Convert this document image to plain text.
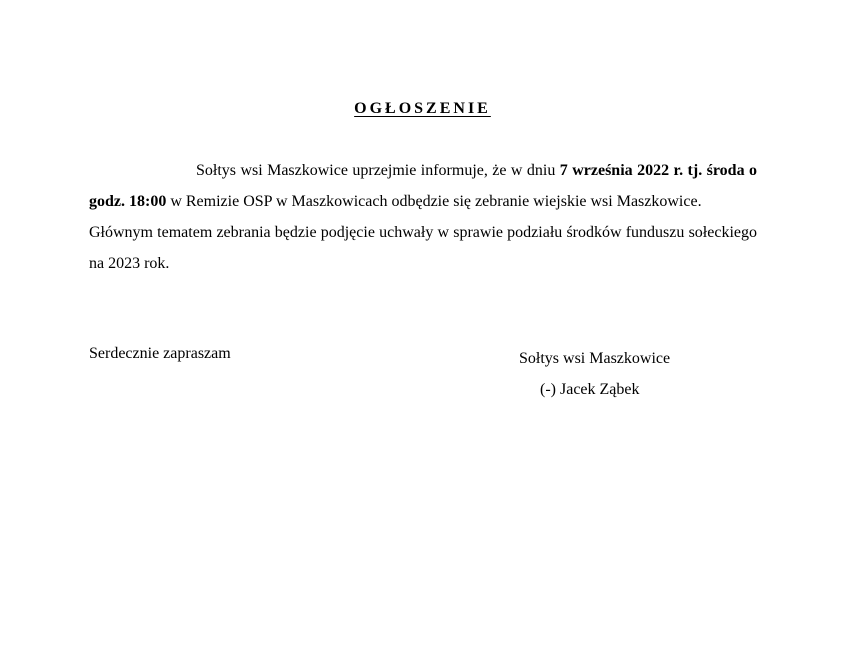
OGŁOSZENIE

Sołtys wsi Maszkowice uprzejmie informuje, że w dniu 7 września 2022 r. tj. środa o godz. 18:00 w Remizie OSP w Maszkowicach odbędzie się zebranie wiejskie wsi Maszkowice.

Głównym tematem zebrania będzie podjęcie uchwały w sprawie podziału środków funduszu sołeckiego na 2023 rok.

Serdecznie zapraszam	Sołtys wsi Maszkowice
(-) Jacek Ząbek
